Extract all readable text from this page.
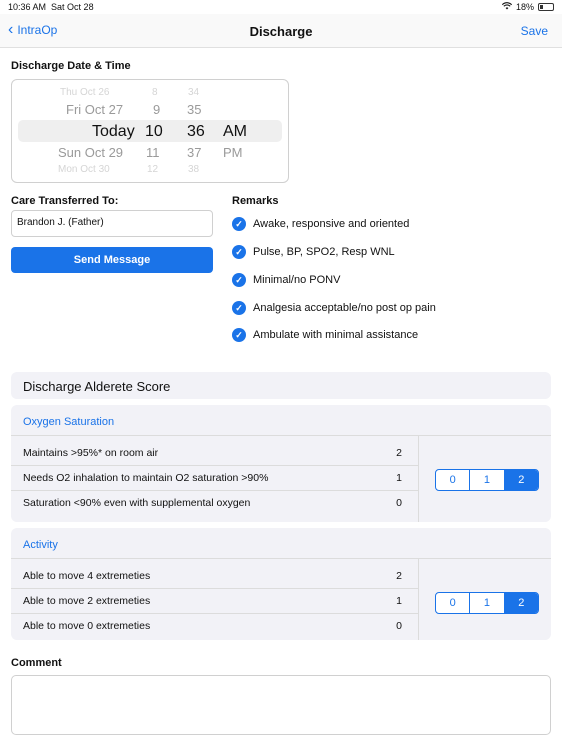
10:36 AM Sat Oct 28	18%
‹ IntraOp	Discharge	Save
Discharge Date & Time
Thu Oct 26	8	34
Fri Oct 27 9 35
Today 10 36 AM
Sun Oct 29 11 37 PM
Mon Oct 30	12	38
Care Transferred To:
Brandon J. (Father)
Send Message
Remarks
✓ Awake, responsive and oriented
✓ Pulse, BP, SPO2, Resp WNL
✓ Minimal/no PONV
✓ Analgesia acceptable/no post op pain
✓ Ambulate with minimal assistance
Discharge Alderete Score
Oxygen Saturation
Maintains >95%* on room air	2
Needs O2 inhalation to maintain O2 saturation >90%	1
Saturation <90% even with supplemental oxygen	0
0	1	2
Activity
Able to move 4 extremeties	2
Able to move 2 extremeties	1
Able to move 0 extremeties	0
0	1	2
Comment
